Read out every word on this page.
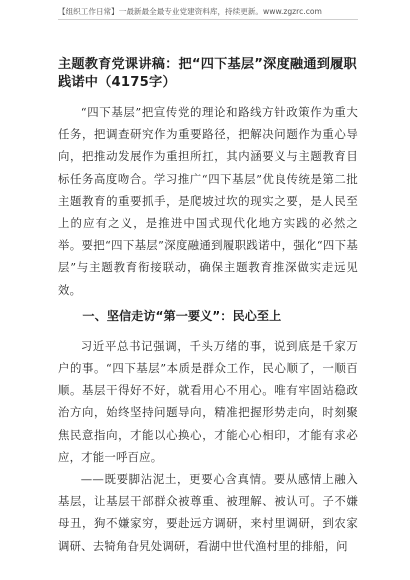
【组织工作日常】一最新最全最专业党建资料库，持续更新。www.zgzrc.com
主题教育党课讲稿：把“四下基层”深度融通到履职践诺中（4175字）

“四下基层”把宣传党的理论和路线方针政策作为重大任务，把调查研究作为重要路径，把解决问题作为重心导向，把推动发展作为重担所扛，其内涵要义与主题教育目标任务高度吻合。学习推广“四下基层”优良传统是第二批主题教育的重要抓手，是爬坡过坎的现实之要，是人民至上的应有之义，是推进中国式现代化地方实践的必然之举。要把“四下基层”深度融通到履职践诺中，强化“四下基层”与主题教育衔接联动，确保主题教育推深做实走远见效。

一、坚信走访“第一要义”：民心至上

习近平总书记强调，千头万绪的事，说到底是千家万户的事。“四下基层”本质是群众工作，民心顺了，一顺百顺。基层干得好不好，就看用心不用心。唯有牢固站稳政治方向，始终坚持问题导向，精准把握形势走向，时刻聚焦民意指向，才能以心换心，才能心心相印，才能有求必应，才能一呼百应。

——既要脚沾泥土，更要心含真情。要从感情上融入基层，让基层干部群众被尊重、被理解、被认可。子不嫌母丑，狗不嫌家穷，要赴远方调研，来村里调研，到农家调研、去犄角旮旯处调研，看湖中世代渔村里的排船，问
